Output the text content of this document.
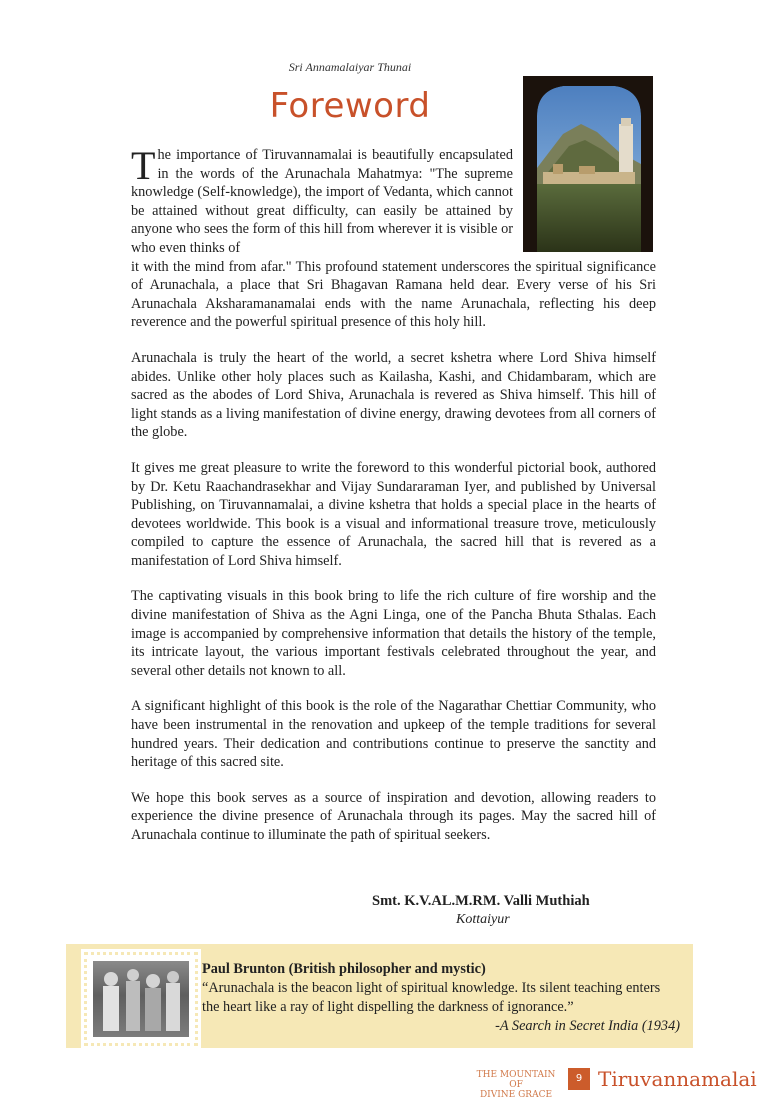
Sri Annamalaiyar Thunai
Foreword
The importance of Tiruvannamalai is beautifully encapsulated in the words of the Arunachala Mahatmya: "The supreme knowledge (Self-knowledge), the import of Vedanta, which cannot be attained without great difficulty, can easily be attained by anyone who sees the form of this hill from wherever it is visible or who even thinks of

it with the mind from afar." This profound statement underscores the spiritual significance of Arunachala, a place that Sri Bhagavan Ramana held dear. Every verse of his Sri Arunachala Aksharamanamalai ends with the name Arunachala, reflecting his deep reverence and the powerful spiritual presence of this holy hill.

Arunachala is truly the heart of the world, a secret kshetra where Lord Shiva himself abides. Unlike other holy places such as Kailasha, Kashi, and Chidambaram, which are sacred as the abodes of Lord Shiva, Arunachala is revered as Shiva himself. This hill of light stands as a living manifestation of divine energy, drawing devotees from all corners of the globe.

It gives me great pleasure to write the foreword to this wonderful pictorial book, authored by Dr. Ketu Raachandrasekhar and Vijay Sundararaman Iyer, and published by Universal Publishing, on Tiruvannamalai, a divine kshetra that holds a special place in the hearts of devotees worldwide. This book is a visual and informational treasure trove, meticulously compiled to capture the essence of Arunachala, the sacred hill that is revered as a manifestation of Lord Shiva himself.

The captivating visuals in this book bring to life the rich culture of fire worship and the divine manifestation of Shiva as the Agni Linga, one of the Pancha Bhuta Sthalas. Each image is accompanied by comprehensive information that details the history of the temple, its intricate layout, the various important festivals celebrated throughout the year, and several other details not known to all.

A significant highlight of this book is the role of the Nagarathar Chettiar Community, who have been instrumental in the renovation and upkeep of the temple traditions for several hundred years. Their dedication and contributions continue to preserve the sanctity and heritage of this sacred site.

We hope this book serves as a source of inspiration and devotion, allowing readers to experience the divine presence of Arunachala through its pages. May the sacred hill of Arunachala continue to illuminate the path of spiritual seekers.

Smt. K.V.AL.M.RM. Valli Muthiah
Kottaiyur
Paul Brunton (British philosopher and mystic)
“Arunachala is the beacon light of spiritual knowledge. Its silent teaching enters the heart like a ray of light dispelling the darkness of ignorance.”
-A Search in Secret India (1934)
THE MOUNTAIN OF
DIVINE GRACE
9 Tiruvannamalai
